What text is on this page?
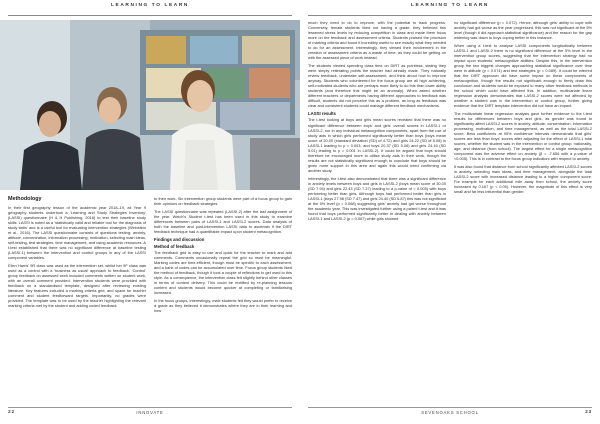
LEARNING TO LEARN
Methodology

In their first geography lesson of the academic year 2018–19, all Year 9 geography students undertook a ‘Learning and Study Strategies Inventory’ (LASSI) questionnaire (H & H Publishing, 2016) to test their baseline study skills. LASSI is noted as a ‘statistically valid and reliable tool for the diagnosis of study skills’ and is a useful tool for evaluating intervention strategies (Weinstein et al., 2016). The LASSI questionnaire consists of questions testing: anxiety, attitude, concentration, information processing, motivation, selecting main ideas, self-testing, test strategies, time management, and using academic resources. A t-test established that there was no significant difference at baseline testing (LASSI-1) between the intervention and control groups in any of the LASSI component variables.

Ellen Harris’ 9R class was used as the intervention set, whilst her 9F class was used as a control with a ‘business as usual’ approach to feedback. ‘Control’ group feedback on assessed work included comments written on student work, with an overall comment provided. Intervention students were provided with feedback on a standardised template, designed after reviewing existing literature. Key features included a marking criteria grid, and space for teacher comment and student feedforward targets. Importantly, no grades were provided. The template was to be used by the teacher highlighting the relevant marking criteria met by the student and adding coded feedback

to their work. Six intervention group students were part of a focus group to gain their opinions on feedback strategies.

The LASSI questionnaire was repeated (LASSI-2) after the last assignment of the year. Welch’s Student t-test has been used in this study to examine differences between pairs of LASSI-1 and LASSI-2 scores. Data analysis of both the baseline and post-intervention LASSI data to ascertain if the DIRT feedback technique had a quantifiable impact upon student metacognition.

Findings and discussion
Method of feedback

The feedback grid is easy to use and quick for the teacher to mark and add comments. Comments occasionally repeat the grid so must be meaningful. Marking codes are time-efficient, though must be specific to each assessment, and a bank of codes can be accumulated over time. Focus group students liked the method of feedback, though it took a couple of reflections to get used to this style. As a consequence, the intervention class felt slightly behind other classes in terms of content delivery. This could be rectified by re-planning lessons content and students would become quicker at completing or familiarising increased.

In the focus groups, interestingly, male students felt they would prefer to receive a grade as they believed it demonstrates where they are in their learning and how

22	INNOVATE
LEARNING TO LEARN

much they need to do to improve, with the potential to track progress. Conversely, female students liked not having a grade, they believed this lessened stress levels by reducing competition in class and made them focus more on the feedback and assessment criteria. Students praised the provision of marking criteria and found it incredibly useful to see exactly what they needed to do for an assessment. Interestingly, they viewed their involvement in the creation of assessment criteria as a waste of time, as they could be getting on with the assessed piece of work instead.

The students viewed spending class time on DIRT as pointless, stating they were simply reiterating points the teacher had already made. They naturally review feedback, undertake self-assessment, and think about how to improve anyway. Students who volunteered for the focus group are all high achieving, self-motivated students who are perhaps more likely to do this than lower ability students (and therefore this might be an anomaly). When asked whether different teachers or departments having different approaches to feedback was difficult, students did not perceive this as a problem, as long as feedback was clear and consistent students could manage different feedback mechanisms.

LASSI results

The t-test looking at boys and girls mean scores revealed that there was no significant difference between boys’ and girls’ overall scores in LASSI-1 or LASSI-2, nor in any individual metacognition components, apart from the use of study aids in which girls performed significantly better than boys (boys mean score of 20.00 (standard deviation (SD) of 4.72) and girls 24.22 (SD of 5.08) in LASSI-1 leading to p = 0.003, and boys 20.37 (SD 5.06) and girls 24.16 (SD 5.01) leading to p = 0.001 in LASSI-2). It could be argued that boys should therefore be encouraged more to utilise study aids in their work, though the results are not statistically significant enough to conclude that boys should be given more support in this area and again this would need confirming via another study.

Interestingly, the t-test also demonstrated that there was a significant difference in anxiety levels between boys and girls in LASSI-2 (boys mean score of 30.00 (SD 7.94) and girls 22.43 (SD 7.37) leading to a p-value of < 0.005) with boys performing better than girls. Although boys had performed better than girls in LASSI-1 (boys 27.98 (SD 7.47) and girls 24.40 (SD 6.87) this was not significant at the 5% level (p = 0.068) suggesting girls’ anxiety had got worse throughout the academic year. This was investigated further using a paired t-test and it was found that boys performed significantly better in dealing with anxiety between LASSI-1 and LASSI-2 (p = 0.007) while girls showed

no significant difference (p = 0.072). Hence, although girls’ ability to cope with anxiety had got worse as the year progressed, this was not significant at the 5% level (though it did approach statistical significance) and the reason for the gap widening was down to boys coping better in this instance.

When using a t-test to analyse LASSI components longitudinally between LASSI-1 and LASSI-2 there is no significant difference at the 5% level in the intervention group scores, suggesting that the intervention strategy had no impact upon students’ metacognitive abilities. Despite this, in the intervention group the two biggest changes approaching statistical significance over time were in attitude (p = 0.074) and test strategies (p = 0.089). It could be inferred that the DIRT approach did have some impact on these components of metacognition, though the results not significant enough to firmly draw this conclusion and students would be exposed to many other feedback methods in the school which could have affected this. In addition, multivariate linear regression analysis demonstrates that LASSI-2 scores were not affected by whether a student was in the intervention or control group, further giving evidence that the DIRT template intervention did not have an impact.

The multivariate linear regression analysis gave further evidence to the t-test results for differences between boys and girls, as gender was found to significantly affect LASSI-2 scores in anxiety, attitude, concentration, information processing, motivation, and time management, as well as the total LASSI-2 score. Beta coefficients at 95% confidence intervals demonstrate that girls’ scores are less than boys’ scores after adjusting for the effect of LASSI-1 total scores, whether the student was in the intervention or control group, nationality, age, and distance (from school). The largest effect for a single metacognition component was the adverse effect on anxiety (β = -7.656 with a p-value of <0.005). This is in contrast to the focus group indicators with respect to anxiety.

It was also found that distance from school significantly affected LASSI-2 scores in anxiety, selecting main ideas, and time management, alongside the total LASSI-2 score with increased distance leading to a higher component score. For example for each additional mile away from school, the anxiety score increased by 0.167 (p < 0.05). However, the magnitude of this effect is very small and far less influential than gender.

SEVENOAKS SCHOOL	23
